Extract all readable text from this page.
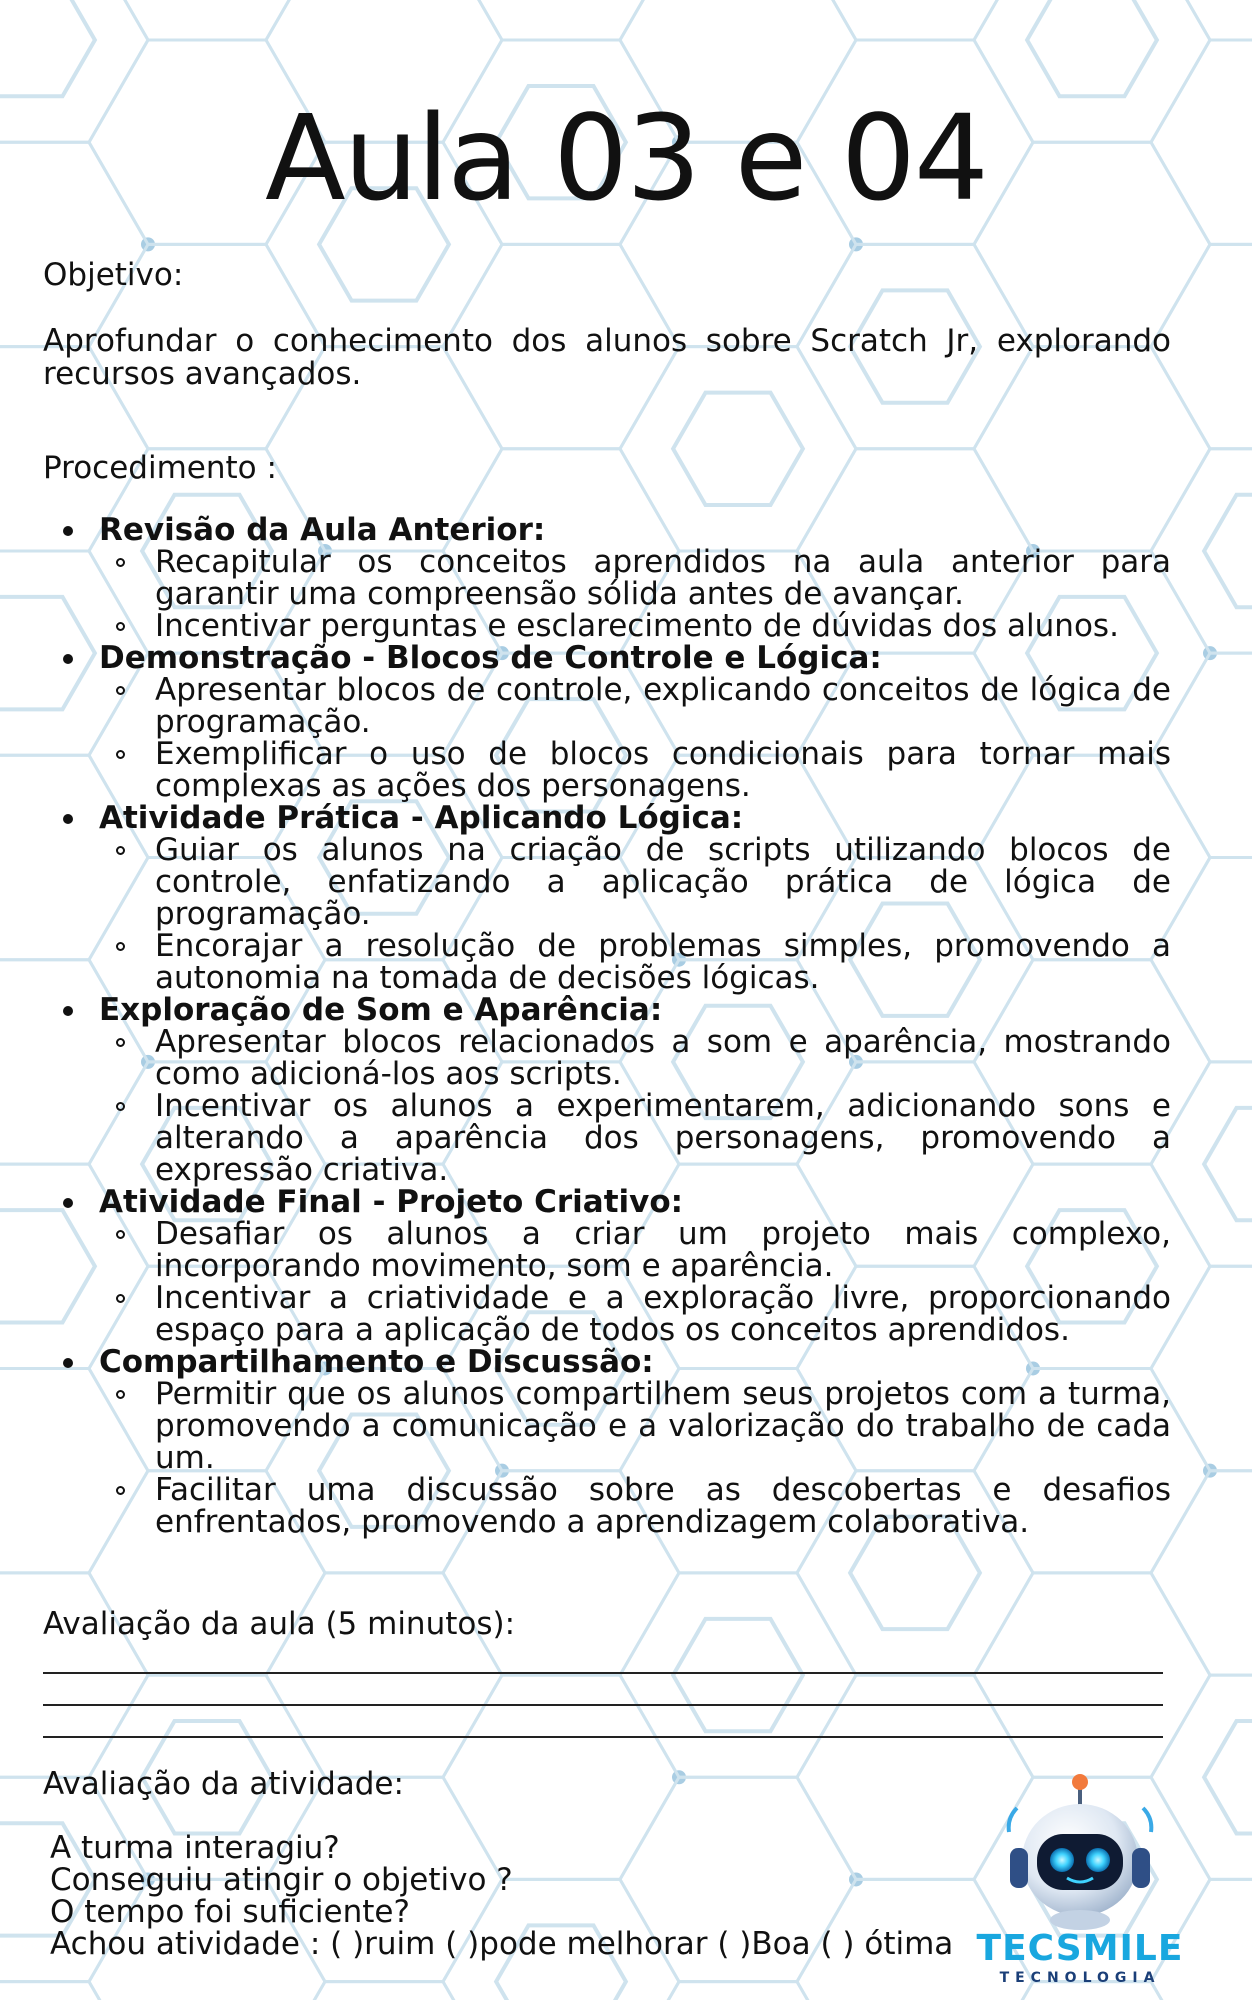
Aula 03 e 04
Objetivo:
Aprofundar o conhecimento dos alunos sobre Scratch Jr, explorando recursos avançados.
Procedimento :
Revisão da Aula Anterior:
Recapitular os conceitos aprendidos na aula anterior para garantir uma compreensão sólida antes de avançar.
Incentivar perguntas e esclarecimento de dúvidas dos alunos.
Demonstração - Blocos de Controle e Lógica:
Apresentar blocos de controle, explicando conceitos de lógica de programação.
Exemplificar o uso de blocos condicionais para tornar mais complexas as ações dos personagens.
Atividade Prática - Aplicando Lógica:
Guiar os alunos na criação de scripts utilizando blocos de controle, enfatizando a aplicação prática de lógica de programação.
Encorajar a resolução de problemas simples, promovendo a autonomia na tomada de decisões lógicas.
Exploração de Som e Aparência:
Apresentar blocos relacionados a som e aparência, mostrando como adicioná-los aos scripts.
Incentivar os alunos a experimentarem, adicionando sons e alterando a aparência dos personagens, promovendo a expressão criativa.
Atividade Final - Projeto Criativo:
Desafiar os alunos a criar um projeto mais complexo, incorporando movimento, som e aparência.
Incentivar a criatividade e a exploração livre, proporcionando espaço para a aplicação de todos os conceitos aprendidos.
Compartilhamento e Discussão:
Permitir que os alunos compartilhem seus projetos com a turma, promovendo a comunicação e a valorização do trabalho de cada um.
Facilitar uma discussão sobre as descobertas e desafios enfrentados, promovendo a aprendizagem colaborativa.
Avaliação da aula (5 minutos):
Avaliação da atividade:
A turma interagiu?
Conseguiu atingir o objetivo ?
O tempo foi suficiente?
Achou atividade : ( )ruim ( )pode melhorar ( )Boa ( ) ótima TECSMILE
TECNOLOGIA
